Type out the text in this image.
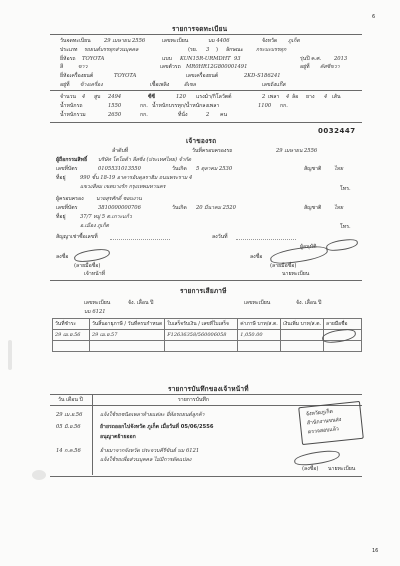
6
รายการจดทะเบียน
วันจดทะเบียน	29 เมษายน 2556	เลขทะเบียน	บม 4406	จังหวัด ภูเก็ต
ประเภท รถยนต์บรรทุกส่วนบุคคล	(รย. 3 ) ลักษณะ กระบะบรรทุก
ยี่ห้อรถ TOYOTA	แบบ KUN15R-URMDHT 93	รุ่นปี ค.ศ. 2013
สี	ขาว	เลขตัวรถ MR0HR12G800001491	อยู่ที่ คัสซีขวา
ยี่ห้อเครื่องยนต์	TOYOTA	เลขเครื่องยนต์	2KD-S186241
อยู่ที่ ข้างเครื่อง	เชื้อเพลิง	ดีเซล	เลขถังแก๊ส
จำนวน 4 สูบ 2494	ซีซี	120 แรงม้า/กิโลวัตต์	2 เพลา 4 ล้อ ยาง 4 เส้น
น้ำหนักรถ	1550	กก. น้ำหนักบรรทุก/น้ำหนักลงเพลา	1100 กก.
น้ำหนักรวม	2650	กก.	ที่นั่ง	2 คน
0032447
เจ้าของรถ
ลำดับที่	วันที่ครอบครองรถ	29 เมษายน 2556
ผู้ถือกรรมสิทธิ์ บริษัท โตโยต้า ลีสซิ่ง (ประเทศไทย) จำกัด
เลขที่บัตร	0105531013550	วันเกิด 5 ตุลาคม 2530	สัญชาติ ไทย
ที่อยู่	990 ชั้น 18-19 อาคารอับดุลราฮิม ถนนพระราม 4
แขวงสีลม เขตบางรัก กรุงเทพมหานคร	โทร.
ผู้ครอบครอง นายสุรศักดิ์ ชอบงาน
เลขที่บัตร	3810000000706	วันเกิด 20 มีนาคม 2520	สัญชาติ ไทย
ที่อยู่	37/7 หมู่ 5 ต.เกาะแก้ว
อ.เมือง ภูเก็ต	โทร.
สัญญาเช่าซื้อเลขที่	ลงวันที่
ผู้อนุมัติ
ลงชื่อ	ลงชื่อ
(ลายมือชื่อ)	(ลายมือชื่อ)
เจ้าหน้าที่	นายทะเบียน
รายการเสียภาษี
เลขทะเบียน	จัง. เลื่อน ปี	เลขทะเบียน	จัง. เลื่อน ปี
บม 6121
วันที่ชำระ	วันสิ้นอายุภาษี / วันที่ครบกำหนด	ใบเสร็จรับเงิน / เลขที่ใบเสร็จ	ค่าภาษี บาท/ส.ต.	เงินเพิ่ม บาท/ส.ต.	ลายมือชื่อ
29 เม.ย.56	29 เม.ย.57	F12636358/560006058	1,050.00		

รายการบันทึกของเจ้าหน้าที่
วัน เดือน ปี	รายการบันทึก
29 เม.ย.56	แจ้งใช้รถชนิดเพลาท้ายแต่ละ ยี่ห้อรถยนต์ลูกค้า
05 มิ.ย.56	ย้ายรถออกไปจังหวัด ภูเก็ต เมื่อวันที่ 05/06/2556
อนุญาตย้ายออก
14 ก.ค.56	ย้ายมาจากจังหวัด ประจวบคีรีขันธ์ บม 6121
แจ้งใช้รถเพื่อส่วนบุคคล ไม่มีการดัดแปลง
จังหวัดภูเก็ต
สำนักงานขนส่ง
ตรวจสอบแล้ว
(ลงชื่อ) นายทะเบียน
16
